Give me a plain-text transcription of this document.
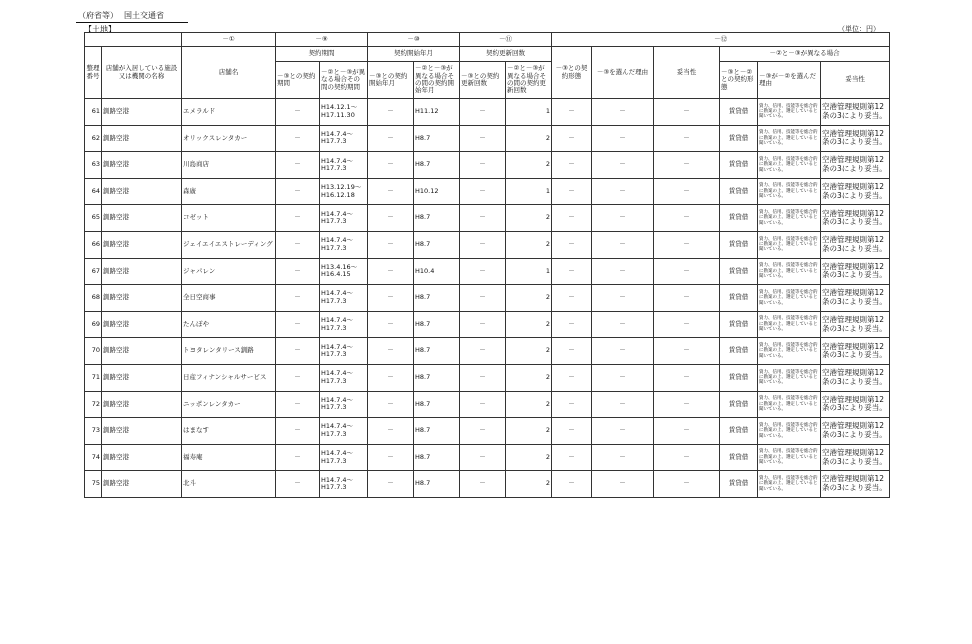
（府省等） 国土交通省
【土地】	（単位：円）
		－①	－⑨		－⑩		－⑪		－⑫					
整理番号	店舗が入居している施設又は機関の名称	店舗名	契約期間		契約開始年月		契約更新回数		－③との契約形態	－③を選んだ理由	妥当性	－②と－③が異なる場合		
			－③との契約期間	－②と－③が異なる場合その間の契約期間	－③との契約開始年月	－②と－③が異なる場合その間の契約開始年月	－③との契約更新回数	－②と－③が異なる場合その間の契約更新回数				－③と－②との契約形態	－③が－②を選んだ理由	妥当性
61	釧路空港	エメラルド	－	H14.12.1～H17.11.30	－	H11.12	－	1	－	－	－	賃貸借	資力、信用、技能等を総合的に勘案の上、選定していると聞いている。	空港管理規則第12条の3により妥当。
62	釧路空港	オリックスレンタカー	－	H14.7.4～H17.7.3	－	H8.7	－	2	－	－	－	賃貸借	資力、信用、技能等を総合的に勘案の上、選定していると聞いている。	空港管理規則第12条の3により妥当。
63	釧路空港	川島商店	－	H14.7.4～H17.7.3	－	H8.7	－	2	－	－	－	賃貸借	資力、信用、技能等を総合的に勘案の上、選定していると聞いている。	空港管理規則第12条の3により妥当。
64	釧路空港	森廣	－	H13.12.19～H16.12.18	－	H10.12	－	1	－	－	－	賃貸借	資力、信用、技能等を総合的に勘案の上、選定していると聞いている。	空港管理規則第12条の3により妥当。
65	釧路空港	コゼット	－	H14.7.4～H17.7.3	－	H8.7	－	2	－	－	－	賃貸借	資力、信用、技能等を総合的に勘案の上、選定していると聞いている。	空港管理規則第12条の3により妥当。
66	釧路空港	ジェイエイエストレーディング	－	H14.7.4～H17.7.3	－	H8.7	－	2	－	－	－	賃貸借	資力、信用、技能等を総合的に勘案の上、選定していると聞いている。	空港管理規則第12条の3により妥当。
67	釧路空港	ジャパレン	－	H13.4.16～H16.4.15	－	H10.4	－	1	－	－	－	賃貸借	資力、信用、技能等を総合的に勘案の上、選定していると聞いている。	空港管理規則第12条の3により妥当。
68	釧路空港	全日空商事	－	H14.7.4～H17.7.3	－	H8.7	－	2	－	－	－	賃貸借	資力、信用、技能等を総合的に勘案の上、選定していると聞いている。	空港管理規則第12条の3により妥当。
69	釧路空港	たんぽや	－	H14.7.4～H17.7.3	－	H8.7	－	2	－	－	－	賃貸借	資力、信用、技能等を総合的に勘案の上、選定していると聞いている。	空港管理規則第12条の3により妥当。
70	釧路空港	トヨタレンタリース釧路	－	H14.7.4～H17.7.3	－	H8.7	－	2	－	－	－	賃貸借	資力、信用、技能等を総合的に勘案の上、選定していると聞いている。	空港管理規則第12条の3により妥当。
71	釧路空港	日産フィナンシャルサービス	－	H14.7.4～H17.7.3	－	H8.7	－	2	－	－	－	賃貸借	資力、信用、技能等を総合的に勘案の上、選定していると聞いている。	空港管理規則第12条の3により妥当。
72	釧路空港	ニッポンレンタカー	－	H14.7.4～H17.7.3	－	H8.7	－	2	－	－	－	賃貸借	資力、信用、技能等を総合的に勘案の上、選定していると聞いている。	空港管理規則第12条の3により妥当。
73	釧路空港	はまなす	－	H14.7.4～H17.7.3	－	H8.7	－	2	－	－	－	賃貸借	資力、信用、技能等を総合的に勘案の上、選定していると聞いている。	空港管理規則第12条の3により妥当。
74	釧路空港	福寿庵	－	H14.7.4～H17.7.3	－	H8.7	－	2	－	－	－	賃貸借	資力、信用、技能等を総合的に勘案の上、選定していると聞いている。	空港管理規則第12条の3により妥当。
75	釧路空港	北斗	－	H14.7.4～H17.7.3	－	H8.7	－	2	－	－	－	賃貸借	資力、信用、技能等を総合的に勘案の上、選定していると聞いている。	空港管理規則第12条の3により妥当。
